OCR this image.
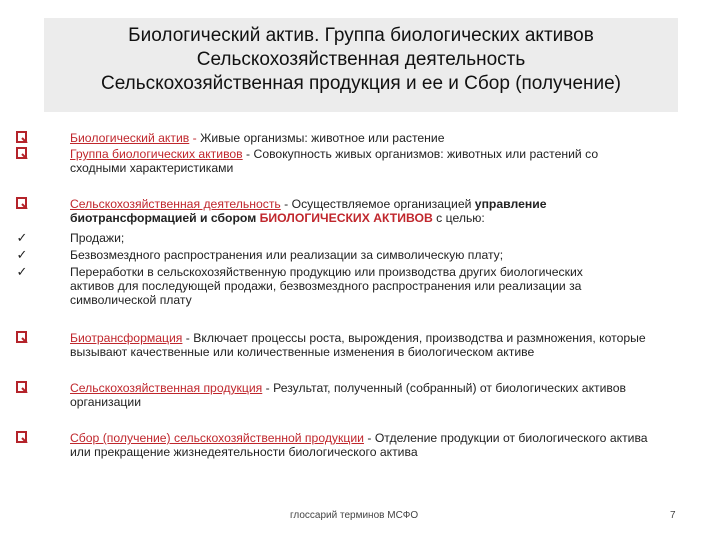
Биологический актив. Группа биологических активов
Сельскохозяйственная деятельность
Сельскохозяйственная продукция и ее и Сбор (получение)
Биологический актив - Живые организмы: животное или растение
Группа биологических активов - Совокупность живых организмов: животных или растений со сходными характеристиками
Сельскохозяйственная деятельность - Осуществляемое организацией управление биотрансформацией и сбором БИОЛОГИЧЕСКИХ АКТИВОВ с целью:
✓	Продажи;
✓	Безвозмездного распространения или реализации за символическую плату;
✓	Переработки в сельскохозяйственную продукцию или производства других биологических активов для последующей продажи, безвозмездного распространения или реализации за символической плату
Биотрансформация - Включает процессы роста, вырождения, производства и размножения, которые вызывают качественные или количественные изменения в биологическом активе
Сельскохозяйственная продукция - Результат, полученный (собранный) от биологических активов организации
Сбор (получение) сельскохозяйственной продукции - Отделение продукции от биологического актива или прекращение жизнедеятельности биологического актива
глоссарий терминов МСФО	7
